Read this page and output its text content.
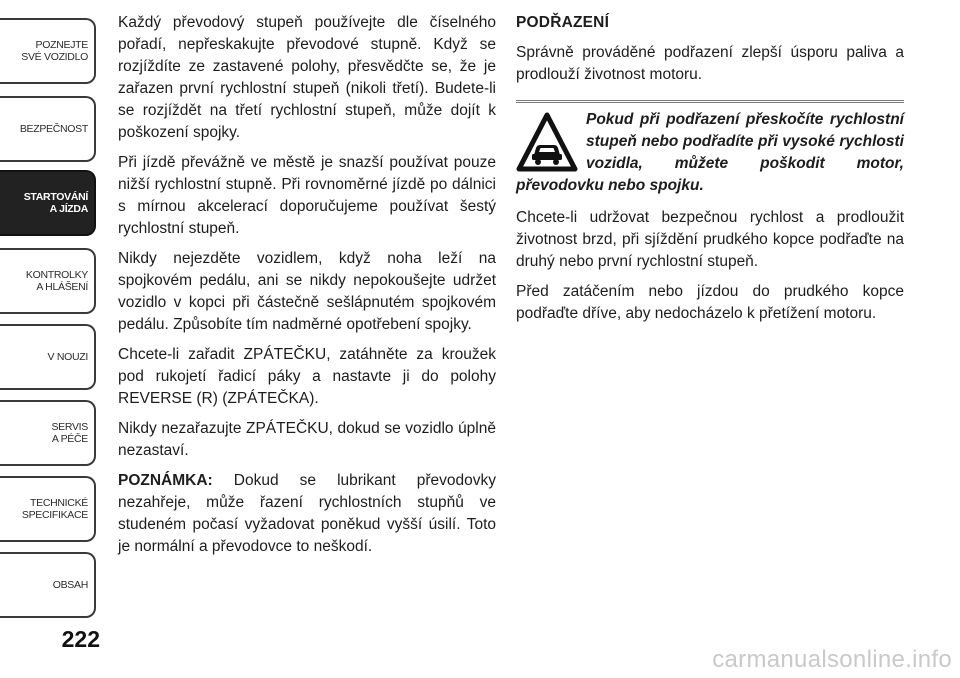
POZNEJTE
SVÉ VOZIDLO
BEZPEČNOST
STARTOVÁNÍ
A JÍZDA
KONTROLKY
A HLÁŠENÍ
V NOUZI
SERVIS
A PÉČE
TECHNICKÉ
SPECIFIKACE
OBSAH
222

Každý převodový stupeň používejte dle číselného pořadí, nepřeskakujte převodové stupně. Když se rozjíždíte ze zastavené polohy, přesvědčte se, že je zařazen první rychlostní stupeň (nikoli třetí). Budete-li se rozjíždět na třetí rychlostní stupeň, může dojít k poškození spojky.

Při jízdě převážně ve městě je snazší používat pouze nižší rychlostní stupně. Při rovnoměrné jízdě po dálnici s mírnou akcelerací doporučujeme používat šestý rychlostní stupeň.

Nikdy nejezděte vozidlem, když noha leží na spojkovém pedálu, ani se nikdy nepokoušejte udržet vozidlo v kopci při částečně sešlápnutém spojkovém pedálu. Způsobíte tím nadměrné opotřebení spojky.

Chcete-li zařadit ZPÁTEČKU, zatáhněte za kroužek pod rukojetí řadicí páky a nastavte ji do polohy REVERSE (R) (ZPÁTEČKA).

Nikdy nezařazujte ZPÁTEČKU, dokud se vozidlo úplně nezastaví.

POZNÁMKA: Dokud se lubrikant převodovky nezahřeje, může řazení rychlostních stupňů ve studeném počasí vyžadovat poněkud vyšší úsilí. Toto je normální a převodovce to neškodí.

PODŘAZENÍ

Správně prováděné podřazení zlepší úsporu paliva a prodlouží životnost motoru.

Pokud při podřazení přeskočíte rychlostní stupeň nebo podřadíte při vysoké rychlosti vozidla, můžete poškodit motor, převodovku nebo spojku.

Chcete-li udržovat bezpečnou rychlost a prodloužit životnost brzd, při sjíždění prudkého kopce podřaďte na druhý nebo první rychlostní stupeň.

Před zatáčením nebo jízdou do prudkého kopce podřaďte dříve, aby nedocházelo k přetížení motoru.

carmanualsonline.info
